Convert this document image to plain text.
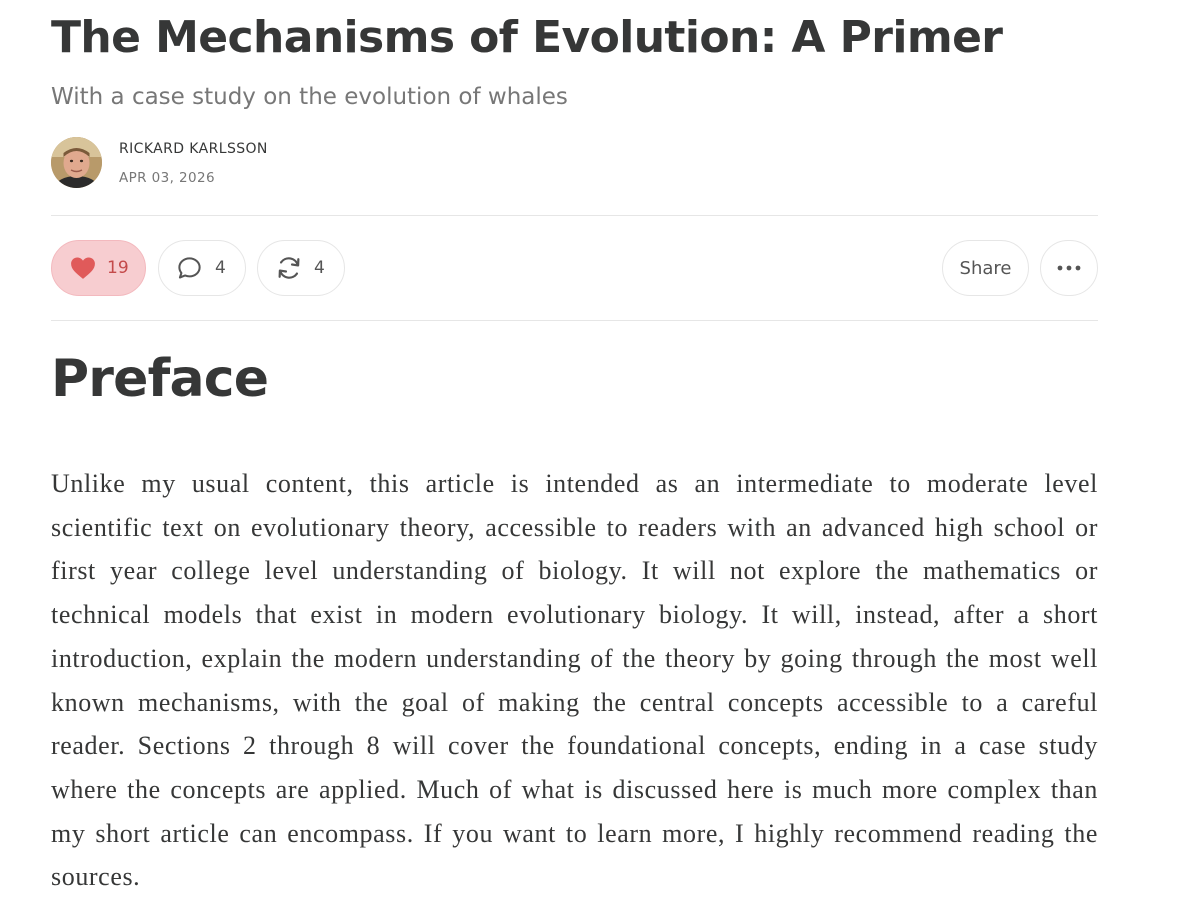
The Mechanisms of Evolution: A Primer
With a case study on the evolution of whales
RICKARD KARLSSON
APR 03, 2026
19	4	4	Share
Preface

Unlike my usual content, this article is intended as an intermediate to moderate level scientific text on evolutionary theory, accessible to readers with an advanced high school or first year college level understanding of biology. It will not explore the mathematics or technical models that exist in modern evolutionary biology. It will, instead, after a short introduction, explain the modern understanding of the theory by going through the most well known mechanisms, with the goal of making the central concepts accessible to a careful reader. Sections 2 through 8 will cover the foundational concepts, ending in a case study where the concepts are applied. Much of what is discussed here is much more complex than my short article can encompass. If you want to learn more, I highly recommend reading the sources.
